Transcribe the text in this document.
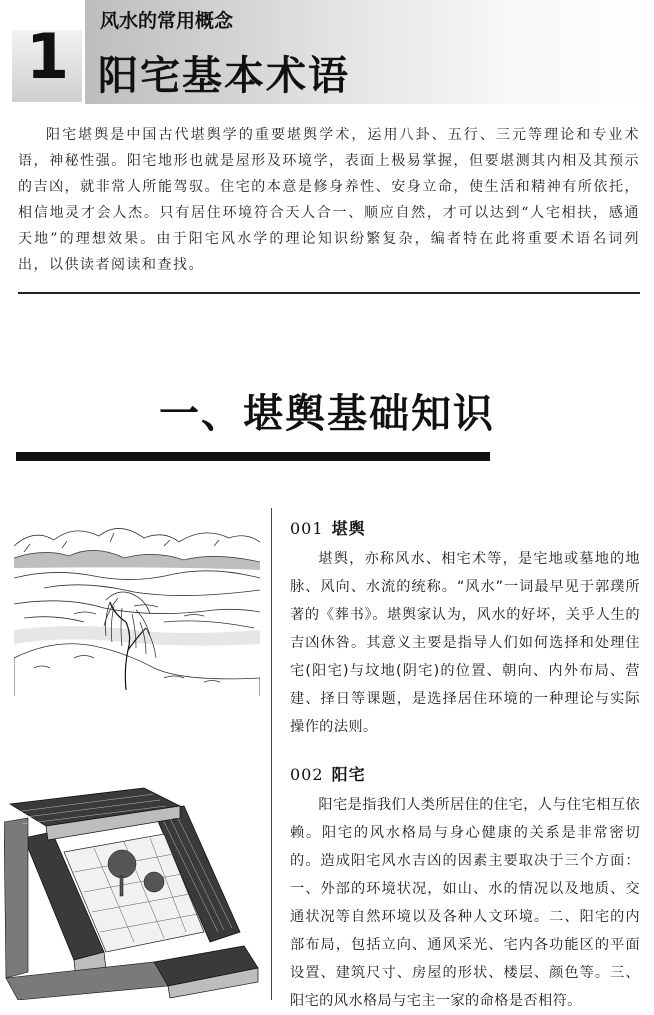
1 风水的常用概念
阳宅基本术语

阳宅堪舆是中国古代堪舆学的重要堪舆学术，运用八卦、五行、三元等理论和专业术语，神秘性强。阳宅地形也就是屋形及环境学，表面上极易掌握，但要堪测其内相及其预示的吉凶，就非常人所能驾驭。住宅的本意是修身养性、安身立命，使生活和精神有所依托，相信地灵才会人杰。只有居住环境符合天人合一、顺应自然，才可以达到“人宅相扶，感通天地”的理想效果。由于阳宅风水学的理论知识纷繁复杂，编者特在此将重要术语名词列出，以供读者阅读和查找。

一、堪舆基础知识
001 堪舆

堪舆，亦称风水、相宅术等，是宅地或墓地的地脉、风向、水流的统称。“风水”一词最早见于郭璞所著的《葬书》。堪舆家认为，风水的好坏，关乎人生的吉凶休咎。其意义主要是指导人们如何选择和处理住宅(阳宅)与坟地(阴宅)的位置、朝向、内外布局、营建、择日等课题，是选择居住环境的一种理论与实际操作的法则。

002 阳宅

阳宅是指我们人类所居住的住宅，人与住宅相互依赖。阳宅的风水格局与身心健康的关系是非常密切的。造成阳宅风水吉凶的因素主要取决于三个方面：一、外部的环境状况，如山、水的情况以及地质、交通状况等自然环境以及各种人文环境。二、阳宅的内部布局，包括立向、通风采光、宅内各功能区的平面设置、建筑尺寸、房屋的形状、楼层、颜色等。三、阳宅的风水格局与宅主一家的命格是否相符。
